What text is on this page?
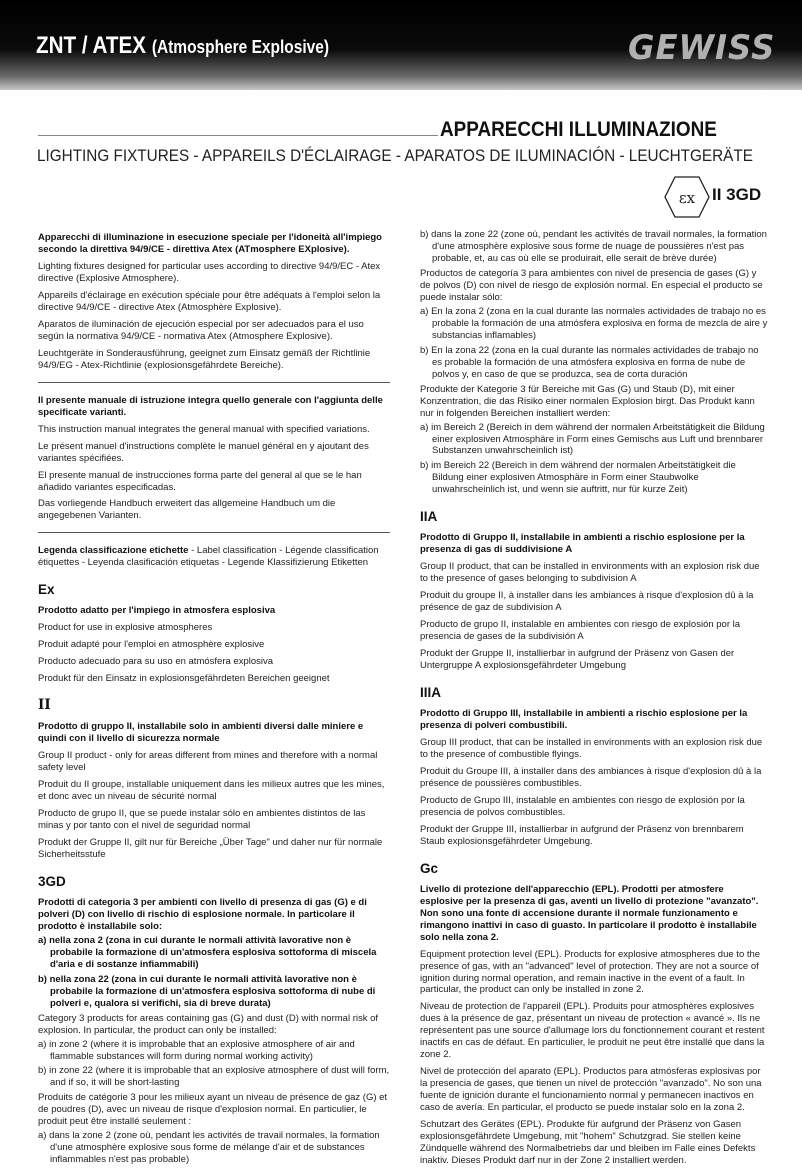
ZNT / ATEX (Atmosphere Explosive)	GEWISS
APPARECCHI ILLUMINAZIONE
LIGHTING FIXTURES - APPAREILS D'ÉCLAIRAGE - APARATOS DE ILUMINACIÓN - LEUCHTGERÄTE
εx II 3GD

Apparecchi di illuminazione in esecuzione speciale per l'idoneità all'impiego secondo la direttiva 94/9/CE - direttiva Atex (ATmosphere EXplosive).

Lighting fixtures designed for particular uses according to directive 94/9/EC - Atex directive (Explosive Atmosphere).

Appareils d'éclairage en exécution spéciale pour être adéquats à l'emploi selon la directive 94/9/CE - directive Atex (Atmosphère Explosive).

Aparatos de iluminación de ejecución especial por ser adecuados para el uso según la normativa 94/9/CE - normativa Atex (Atmosphere Explosive).

Leuchtgeräte in Sonderausführung, geeignet zum Einsatz gemäß der Richtlinie 94/9/EG - Atex-Richtlinie (explosionsgefährdete Bereiche).

Il presente manuale di istruzione integra quello generale con l'aggiunta delle specificate varianti.

This instruction manual integrates the general manual with specified variations.

Le présent manuel d'instructions complète le manuel général en y ajoutant des variantes spécifiées.

El presente manual de instrucciones forma parte del general al que se le han añadido variantes especificadas.

Das vorliegende Handbuch erweitert das allgemeine Handbuch um die angegebenen Varianten.

Legenda classificazione etichette - Label classification - Légende classification étiquettes - Leyenda clasificación etiquetas - Legende Klassifizierung Etiketten

Ex

Prodotto adatto per l'impiego in atmosfera esplosiva

Product for use in explosive atmospheres

Produit adapté pour l'emploi en atmosphère explosive

Producto adecuado para su uso en atmósfera explosiva

Produkt für den Einsatz in explosionsgefährdeten Bereichen geeignet

II

Prodotto di gruppo II, installabile solo in ambienti diversi dalle miniere e quindi con il livello di sicurezza normale

Group II product - only for areas different from mines and therefore with a normal safety level

Produit du II groupe, installable uniquement dans les milieux autres que les mines, et donc avec un niveau de sécurité normal

Producto de grupo II, que se puede instalar sólo en ambientes distintos de las minas y por tanto con el nivel de seguridad normal

Produkt der Gruppe II, gilt nur für Bereiche „Über Tage" und daher nur für normale Sicherheitsstufe

3GD

Prodotti di categoria 3 per ambienti con livello di presenza di gas (G) e di polveri (D) con livello di rischio di esplosione normale. In particolare il prodotto è installabile solo:

a) nella zona 2 (zona in cui durante le normali attività lavorative non è probabile la formazione di un'atmosfera esplosiva sottoforma di miscela d'aria e di sostanze infiammabili)

b) nella zona 22 (zona in cui durante le normali attività lavorative non è probabile la formazione di un'atmosfera esplosiva sottoforma di nube di polveri e, qualora si verifichi, sia di breve durata)

Category 3 products for areas containing gas (G) and dust (D) with normal risk of explosion. In particular, the product can only be installed:

a) in zone 2 (where it is improbable that an explosive atmosphere of air and flammable substances will form during normal working activity)

b) in zone 22 (where it is improbable that an explosive atmosphere of dust will form, and if so, it will be short-lasting

Produits de catégorie 3 pour les milieux ayant un niveau de présence de gaz (G) et de poudres (D), avec un niveau de risque d'explosion normal. En particulier, le produit peut être installé seulement :

a) dans la zone 2 (zone où, pendant les activités de travail normales, la formation d'une atmosphère explosive sous forme de mélange d'air et de substances inflammables n'est pas probable)

b) dans la zone 22 (zone où, pendant les activités de travail normales, la formation d'une atmosphère explosive sous forme de nuage de poussières n'est pas probable, et, au cas où elle se produirait, elle serait de brève durée)

Productos de categoría 3 para ambientes con nivel de presencia de gases (G) y de polvos (D) con nivel de riesgo de explosión normal. En especial el producto se puede instalar sólo:

a) En la zona 2 (zona en la cual durante las normales actividades de trabajo no es probable la formación de una atmósfera explosiva en forma de mezcla de aire y substancias inflamables)

b) En la zona 22 (zona en la cual durante las normales actividades de trabajo no es probable la formación de una atmósfera explosiva en forma de nube de polvos y, en caso de que se produzca, sea de corta duración

Produkte der Kategorie 3 für Bereiche mit Gas (G) und Staub (D), mit einer Konzentration, die das Risiko einer normalen Explosion birgt. Das Produkt kann nur in folgenden Bereichen installiert werden:

a) im Bereich 2 (Bereich in dem während der normalen Arbeitstätigkeit die Bildung einer explosiven Atmosphäre in Form eines Gemischs aus Luft und brennbarer Substanzen unwahrscheinlich ist)

b) im Bereich 22 (Bereich in dem während der normalen Arbeitstätigkeit die Bildung einer explosiven Atmosphäre in Form einer Staubwolke unwahrscheinlich ist, und wenn sie auftritt, nur für kurze Zeit)

IIA

Prodotto di Gruppo II, installabile in ambienti a rischio esplosione per la presenza di gas di suddivisione A

Group II product, that can be installed in environments with an explosion risk due to the presence of gases belonging to subdivision A

Produit du groupe II, à installer dans les ambiances à risque d'explosion dû à la présence de gaz de subdivision A

Producto de grupo II, instalable en ambientes con riesgo de explosión por la presencia de gases de la subdivisión A

Produkt der Gruppe II, installierbar in aufgrund der Präsenz von Gasen der Untergruppe A explosionsgefährdeter Umgebung

IIIA

Prodotto di Gruppo III, installabile in ambienti a rischio esplosione per la presenza di polveri combustibili.

Group III product, that can be installed in environments with an explosion risk due to the presence of combustible flyings.

Produit du Groupe III, à installer dans des ambiances à risque d'explosion dû à la présence de poussières combustibles.

Producto de Grupo III, instalable en ambientes con riesgo de explosión por la presencia de polvos combustibles.

Produkt der Gruppe III, installierbar in aufgrund der Präsenz von brennbarem Staub explosionsgefährdeter Umgebung.

Gc

Livello di protezione dell'apparecchio (EPL). Prodotti per atmosfere esplosive per la presenza di gas, aventi un livello di protezione "avanzato". Non sono una fonte di accensione durante il normale funzionamento e rimangono inattivi in caso di guasto. In particolare il prodotto è installabile solo nella zona 2.

Equipment protection level (EPL). Products for explosive atmospheres due to the presence of gas, with an "advanced" level of protection. They are not a source of ignition during normal operation, and remain inactive in the event of a fault. In particular, the product can only be installed in zone 2.

Niveau de protection de l'appareil (EPL). Produits pour atmosphères explosives dues à la présence de gaz, présentant un niveau de protection « avancé ». Ils ne représentent pas une source d'allumage lors du fonctionnement courant et restent inactifs en cas de défaut. En particulier, le produit ne peut être installé que dans la zone 2.

Nivel de protección del aparato (EPL). Productos para atmósferas explosivas por la presencia de gases, que tienen un nivel de protección "avanzado". No son una fuente de ignición durante el funcionamiento normal y permanecen inactivos en caso de avería. En particular, el producto se puede instalar solo en la zona 2.

Schutzart des Gerätes (EPL). Produkte für aufgrund der Präsenz von Gasen explosionsgefährdete Umgebung, mit "hohem" Schutzgrad. Sie stellen keine Zündquelle während des Normalbetriebs dar und bleiben im Falle eines Defekts inaktiv. Dieses Produkt darf nur in der Zone 2 installiert werden.
